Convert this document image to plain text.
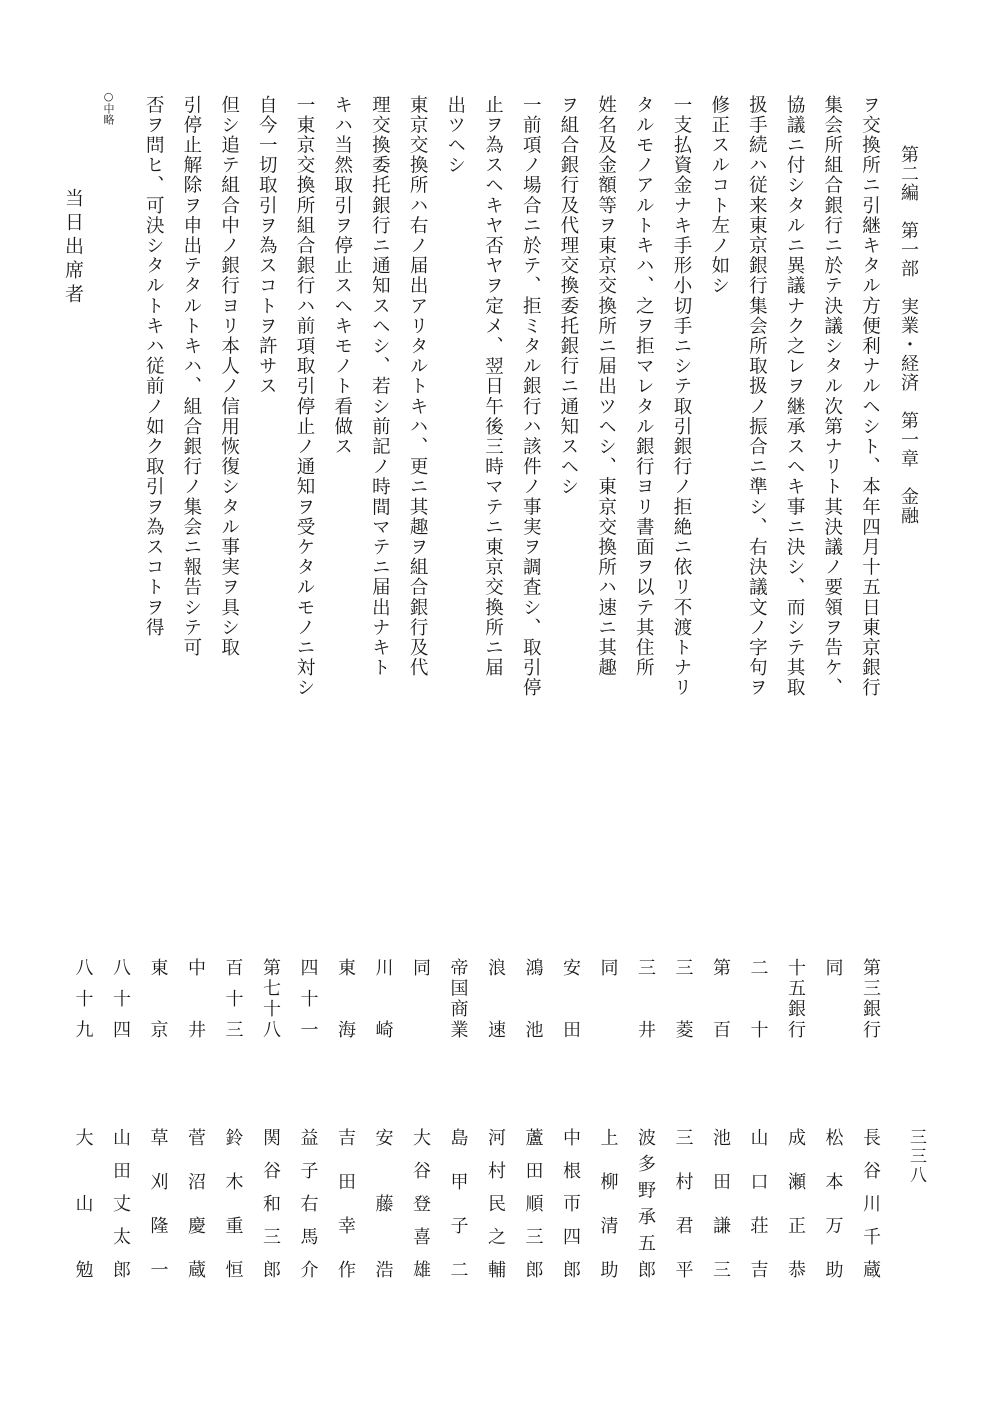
第二編　第一部　実業・経済　第一章　金融
三三八
ヲ交換所ニ引継キタル方便利ナルヘシト、本年四月十五日東京銀行
集会所組合銀行ニ於テ決議シタル次第ナリト其決議ノ要領ヲ告ケ、
協議ニ付シタルニ異議ナク之レヲ継承スヘキ事ニ決シ、而シテ其取
扱手続ハ従来東京銀行集会所取扱ノ振合ニ準シ、右決議文ノ字句ヲ
修正スルコト左ノ如シ
一支払資金ナキ手形小切手ニシテ取引銀行ノ拒絶ニ依リ不渡トナリ
タルモノアルトキハ、之ヲ拒マレタル銀行ヨリ書面ヲ以テ其住所
姓名及金額等ヲ東京交換所ニ届出ツヘシ、東京交換所ハ速ニ其趣
ヲ組合銀行及代理交換委托銀行ニ通知スヘシ
一前項ノ場合ニ於テ、拒ミタル銀行ハ該件ノ事実ヲ調査シ、取引停
止ヲ為スヘキヤ否ヤヲ定メ、翌日午後三時マテニ東京交換所ニ届
出ツヘシ
東京交換所ハ右ノ届出アリタルトキハ、更ニ其趣ヲ組合銀行及代
理交換委托銀行ニ通知スヘシ、若シ前記ノ時間マテニ届出ナキト
キハ当然取引ヲ停止スヘキモノト看做ス
一東京交換所組合銀行ハ前項取引停止ノ通知ヲ受ケタルモノニ対シ
自今一切取引ヲ為スコトヲ許サス
但シ追テ組合中ノ銀行ヨリ本人ノ信用恢復シタル事実ヲ具シ取
引停止解除ヲ申出テタルトキハ、組合銀行ノ集会ニ報告シテ可
否ヲ問ヒ、可決シタルトキハ従前ノ如ク取引ヲ為スコトヲ得
○中略
当日出席者
第三銀行
長谷川千蔵
同
松本万助
十五銀行
成瀬正恭
二十
山口荘吉
第百
池田謙三
三菱
三村君平
三井
波多野承五郎
同
上柳清助
安田
中根帀四郎
鴻池
蘆田順三郎
浪速
河村民之輔
帝国商業
島甲子二
同
大谷登喜雄
川崎
安藤浩
東海
吉田幸作
四十一
益子右馬介
第七十八
関谷和三郎
百十三
鈴木重恒
中井
菅沼慶蔵
東京
草刈隆一
八十四
山田丈太郎
八十九
大山勉
